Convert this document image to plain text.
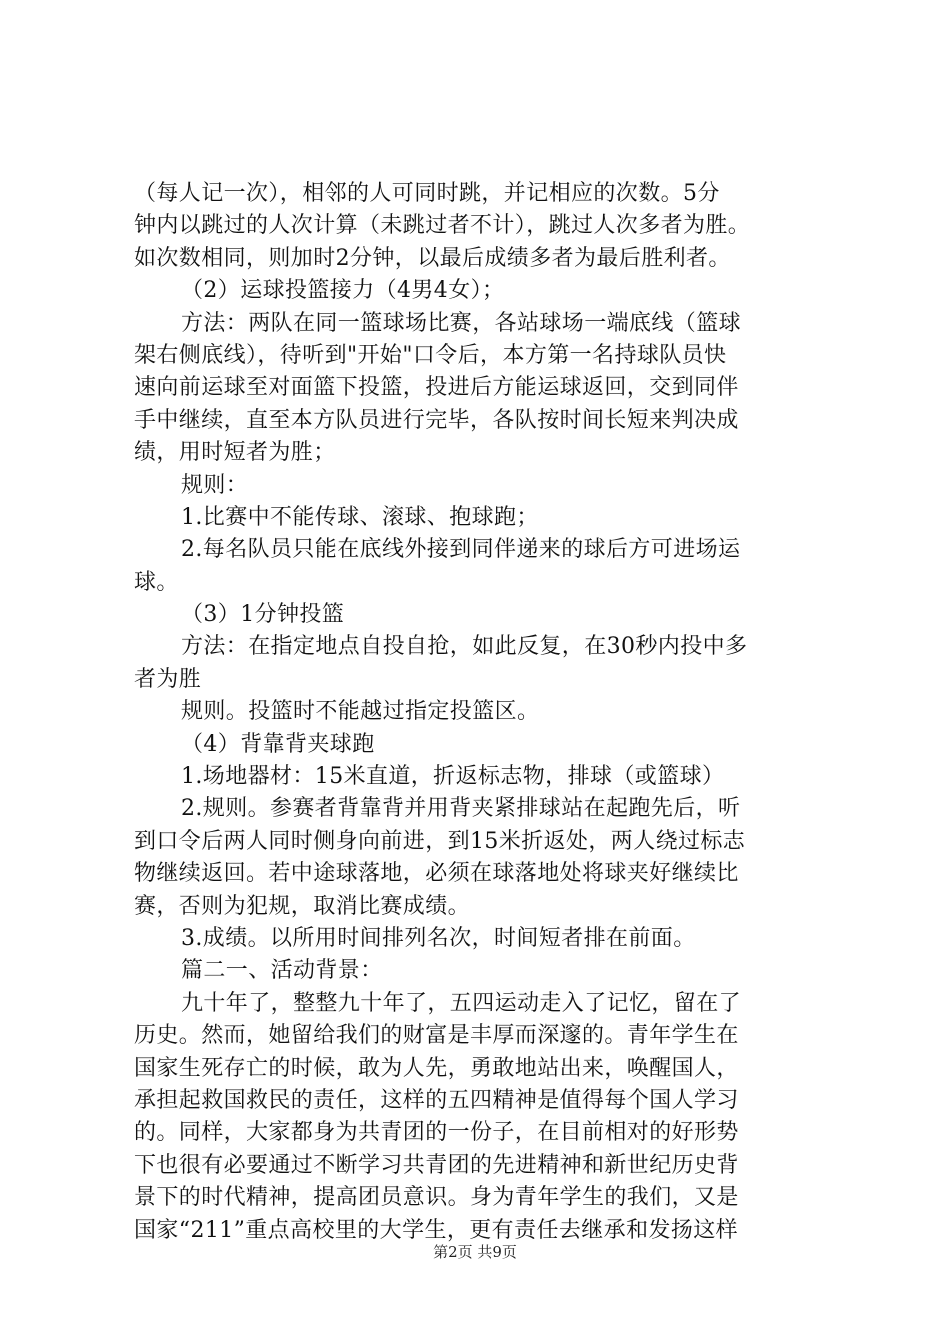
（每人记一次），相邻的人可同时跳，并记相应的次数。5分
钟内以跳过的人次计算（未跳过者不计），跳过人次多者为胜。
如次数相同，则加时2分钟，以最后成绩多者为最后胜利者。
（2）运球投篮接力（4男4女）；
方法：两队在同一篮球场比赛，各站球场一端底线（篮球
架右侧底线），待听到"开始"口令后，本方第一名持球队员快
速向前运球至对面篮下投篮，投进后方能运球返回，交到同伴
手中继续，直至本方队员进行完毕，各队按时间长短来判决成
绩，用时短者为胜；
规则：
1.比赛中不能传球、滚球、抱球跑；
2.每名队员只能在底线外接到同伴递来的球后方可进场运
球。
（3）1分钟投篮
方法：在指定地点自投自抢，如此反复，在30秒内投中多
者为胜
规则。投篮时不能越过指定投篮区。
（4）背靠背夹球跑
1.场地器材：15米直道，折返标志物，排球（或篮球）
2.规则。参赛者背靠背并用背夹紧排球站在起跑先后，听
到口令后两人同时侧身向前进，到15米折返处，两人绕过标志
物继续返回。若中途球落地，必须在球落地处将球夹好继续比
赛，否则为犯规，取消比赛成绩。
3.成绩。以所用时间排列名次，时间短者排在前面。
篇二一、活动背景：
九十年了，整整九十年了，五四运动走入了记忆，留在了
历史。然而，她留给我们的财富是丰厚而深邃的。青年学生在
国家生死存亡的时候，敢为人先，勇敢地站出来，唤醒国人，
承担起救国救民的责任，这样的五四精神是值得每个国人学习
的。同样，大家都身为共青团的一份子，在目前相对的好形势
下也很有必要通过不断学习共青团的先进精神和新世纪历史背
景下的时代精神，提高团员意识。身为青年学生的我们，又是
国家“211”重点高校里的大学生，更有责任去继承和发扬这样
第2页 共9页
